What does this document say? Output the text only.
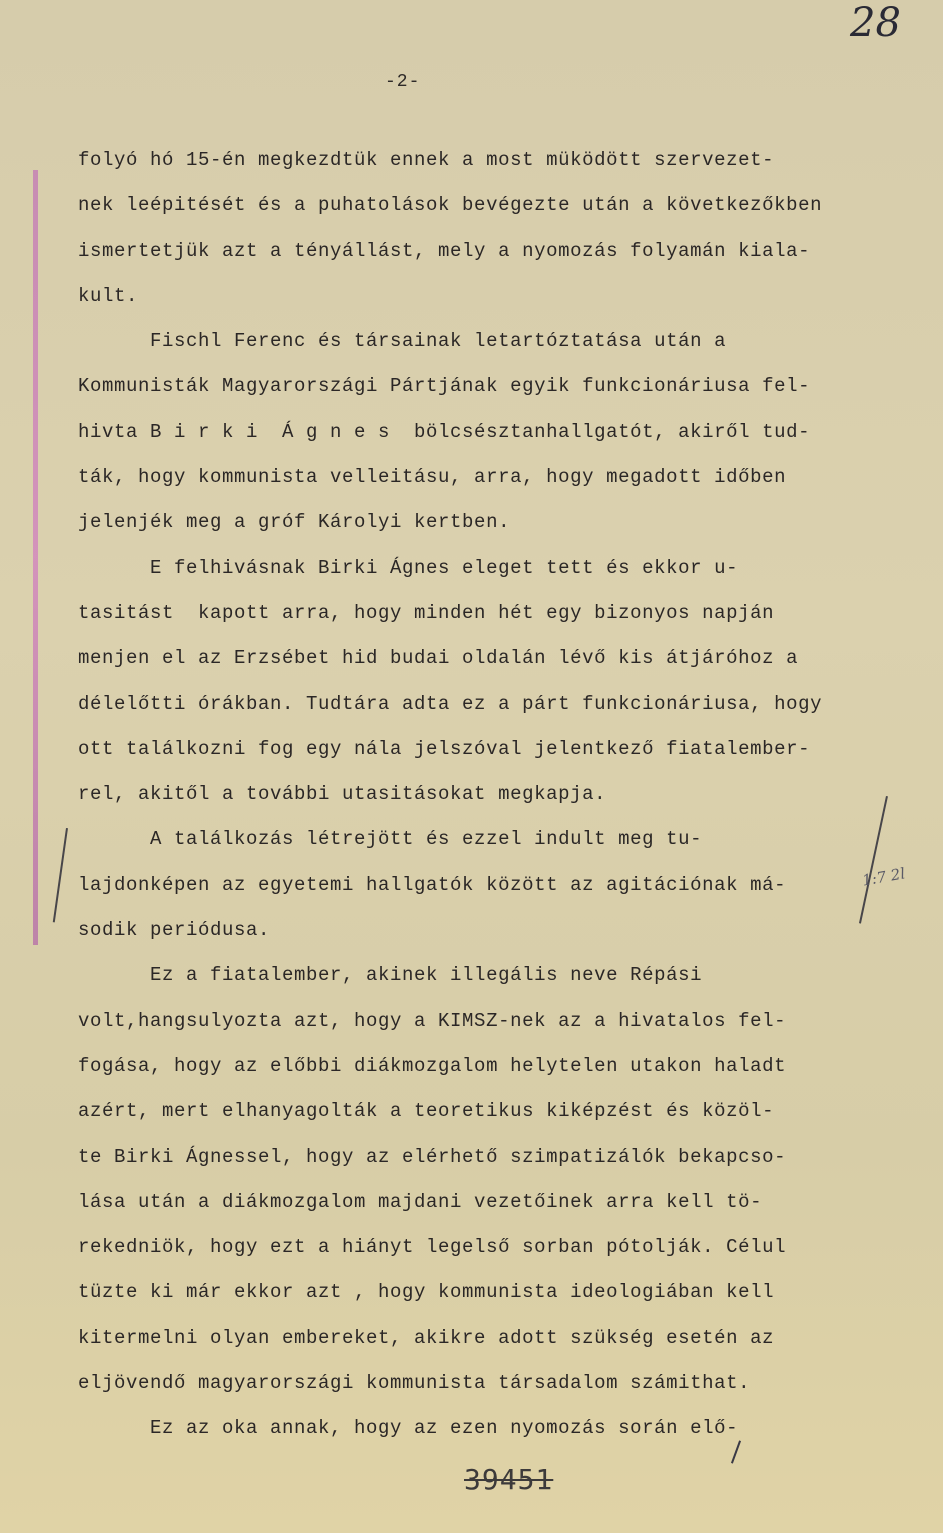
28
-2-
folyó hó 15-én megkezdtük ennek a most müködött szervezet-
nek leépitését és a puhatolások bevégezte után a következőkben
ismertetjük azt a tényállást, mely a nyomozás folyamán kiala-
kult.
Fischl Ferenc és társainak letartóztatása után a
Kommunisták Magyarországi Pártjának egyik funkcionáriusa fel-
hivta B i r k i  Á g n e s  bölcsésztanhallgatót, akiről tud-
ták, hogy kommunista velleitásu, arra, hogy megadott időben
jelenjék meg a gróf Károlyi kertben.
E felhivásnak Birki Ágnes eleget tett és ekkor u-
tasitást  kapott arra, hogy minden hét egy bizonyos napján
menjen el az Erzsébet hid budai oldalán lévő kis átjáróhoz a
délelőtti órákban. Tudtára adta ez a párt funkcionáriusa, hogy
ott találkozni fog egy nála jelszóval jelentkező fiatalember-
rel, akitől a további utasitásokat megkapja.
A találkozás létrejött és ezzel indult meg tu-
lajdonképen az egyetemi hallgatók között az agitációnak má-
sodik periódusa.
Ez a fiatalember, akinek illegális neve Répási
volt,hangsulyozta azt, hogy a KIMSZ-nek az a hivatalos fel-
fogása, hogy az előbbi diákmozgalom helytelen utakon haladt
azért, mert elhanyagolták a teoretikus kiképzést és közöl-
te Birki Ágnessel, hogy az elérhető szimpatizálók bekapcso-
lása után a diákmozgalom majdani vezetőinek arra kell tö-
rekedniök, hogy ezt a hiányt legelső sorban pótolják. Célul
tüzte ki már ekkor azt , hogy kommunista ideologiában kell
kitermelni olyan embereket, akikre adott szükség esetén az
eljövendő magyarországi kommunista társadalom számithat.
Ez az oka annak, hogy az ezen nyomozás során elő-
1:7 2l
39451
